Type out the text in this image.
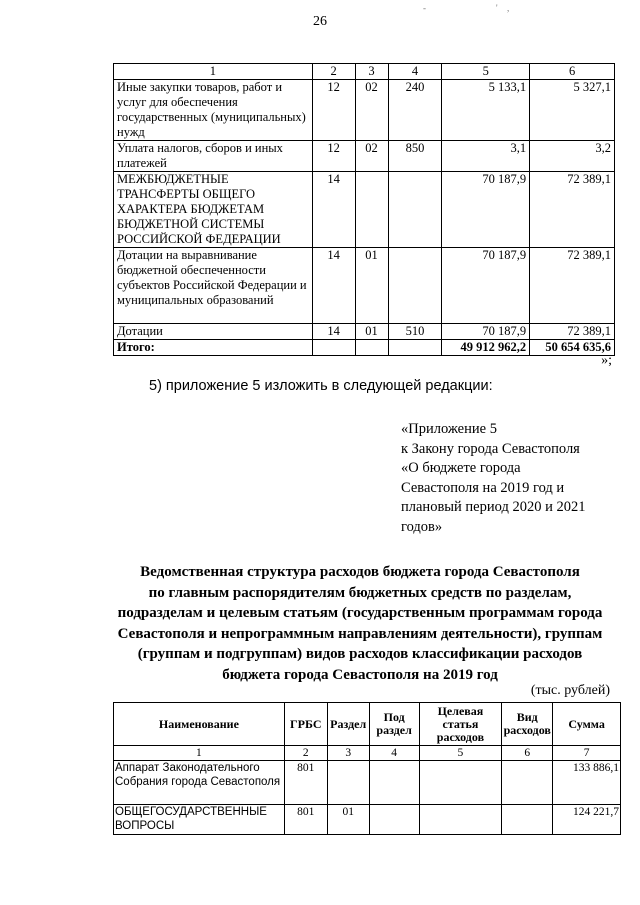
26
-	' ,
1	2	3	4	5	6
Иные закупки товаров, работ и услуг для обеспечения государственных (муниципальных) нужд	12	02	240	5 133,1	5 327,1
Уплата налогов, сборов и иных платежей	12	02	850	3,1	3,2
МЕЖБЮДЖЕТНЫЕ ТРАНСФЕРТЫ ОБЩЕГО ХАРАКТЕРА БЮДЖЕТАМ БЮДЖЕТНОЙ СИСТЕМЫ РОССИЙСКОЙ ФЕДЕРАЦИИ	14			70 187,9	72 389,1
Дотации на выравнивание бюджетной обеспеченности субъектов Российской Федерации и муниципальных образований	14	01		70 187,9	72 389,1
Дотации	14	01	510	70 187,9	72 389,1
Итого:				49 912 962,2	50 654 635,6
»;
5) приложение 5 изложить в следующей редакции:
«Приложение 5
к Закону города Севастополя
«О бюджете города
Севастополя на 2019 год и
плановый период 2020 и 2021
годов»
Ведомственная структура расходов бюджета города Севастополя
по главным распорядителям бюджетных средств по разделам,
подразделам и целевым статьям (государственным программам города
Севастополя и непрограммным направлениям деятельности), группам
(группам и подгруппам) видов расходов классификации расходов
бюджета города Севастополя на 2019 год
(тыс. рублей)
Наименование	ГРБС	Раздел	Под раздел	Целевая статья расходов	Вид расходов	Сумма
1	2	3	4	5	6	7
Аппарат Законодательного Собрания города Севастополя	801					133 886,1
ОБЩЕГОСУДАРСТВЕННЫЕ ВОПРОСЫ	801	01				124 221,7
